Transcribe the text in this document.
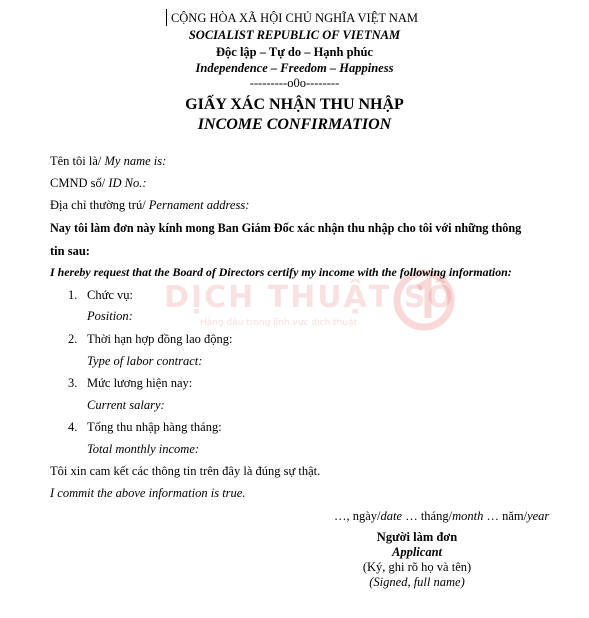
DỊCH THUẬT SỐ
Hàng đầu trong lĩnh vực dịch thuật
CỘNG HÒA XÃ HỘI CHỦ NGHĨA VIỆT NAM
SOCIALIST REPUBLIC OF VIETNAM
Độc lập – Tự do – Hạnh phúc
Independence – Freedom – Happiness
---------o0o--------
GIẤY XÁC NHẬN THU NHẬP
INCOME CONFIRMATION
Tên tôi là/ My name is:
CMND số/ ID No.:
Địa chỉ thường trú/ Pernament address:
Nay tôi làm đơn này kính mong Ban Giám Đốc xác nhận thu nhập cho tôi với những thông
tin sau:
I hereby request that the Board of Directors certify my income with the following information:
1. Chức vụ:
Position:
2. Thời hạn hợp đồng lao động:
Type of labor contract:
3. Mức lương hiện nay:
Current salary:
4. Tổng thu nhập hàng tháng:
Total monthly income:
Tôi xin cam kết các thông tin trên đây là đúng sự thật.
I commit the above information is true.
…, ngày/date … tháng/month … năm/year
Người làm đơn
Applicant
(Ký, ghi rõ họ và tên)
(Signed, full name)
